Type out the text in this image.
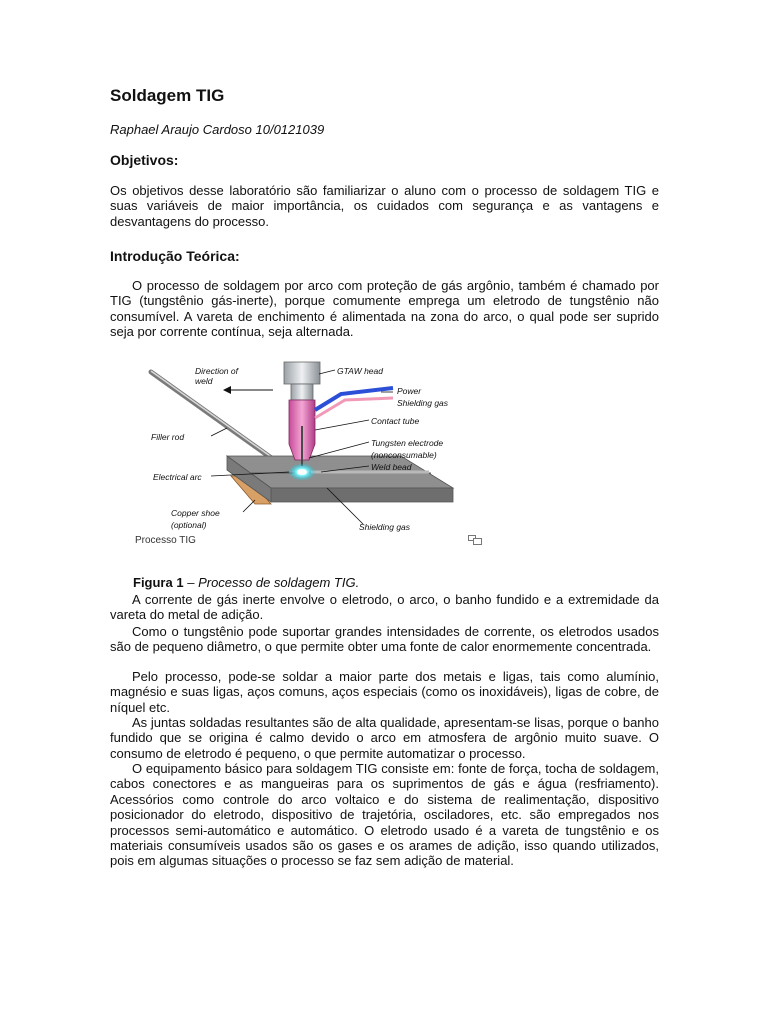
Soldagem TIG

Raphael Araujo Cardoso 10/0121039

Objetivos:

Os objetivos desse laboratório são familiarizar o aluno com o processo de soldagem TIG e suas variáveis de maior importância, os cuidados com segurança e as vantagens e desvantagens do processo.

Introdução Teórica:

O processo de soldagem por arco com proteção de gás argônio, também é chamado por TIG (tungstênio gás-inerte), porque comumente emprega um eletrodo de tungstênio não consumível. A vareta de enchimento é alimentada na zona do arco, o qual pode ser suprido seja por corrente contínua, seja alternada.

Direction of
weld
GTAW head
Power
Shielding gas
Filler rod
Contact tube
Tungsten electrode
(nonconsumable)
Electrical arc
Weld bead
Copper shoe
(optional)	Shielding gas
Processo TIG

Figura 1 – Processo de soldagem TIG.

A corrente de gás inerte envolve o eletrodo, o arco, o banho fundido e a extremidade da vareta do metal de adição.

Como o tungstênio pode suportar grandes intensidades de corrente, os eletrodos usados são de pequeno diâmetro, o que permite obter uma fonte de calor enormemente concentrada.

Pelo processo, pode-se soldar a maior parte dos metais e ligas, tais como alumínio, magnésio e suas ligas, aços comuns, aços especiais (como os inoxidáveis), ligas de cobre, de níquel etc.

As juntas soldadas resultantes são de alta qualidade, apresentam-se lisas, porque o banho fundido que se origina é calmo devido o arco em atmosfera de argônio muito suave. O consumo de eletrodo é pequeno, o que permite automatizar o processo.

O equipamento básico para soldagem TIG consiste em: fonte de força, tocha de soldagem, cabos conectores e as mangueiras para os suprimentos de gás e água (resfriamento). Acessórios como controle do arco voltaico e do sistema de realimentação, dispositivo posicionador do eletrodo, dispositivo de trajetória, osciladores, etc. são empregados nos processos semi-automático e automático. O eletrodo usado é a vareta de tungstênio e os materiais consumíveis usados são os gases e os arames de adição, isso quando utilizados, pois em algumas situações o processo se faz sem adição de material.
